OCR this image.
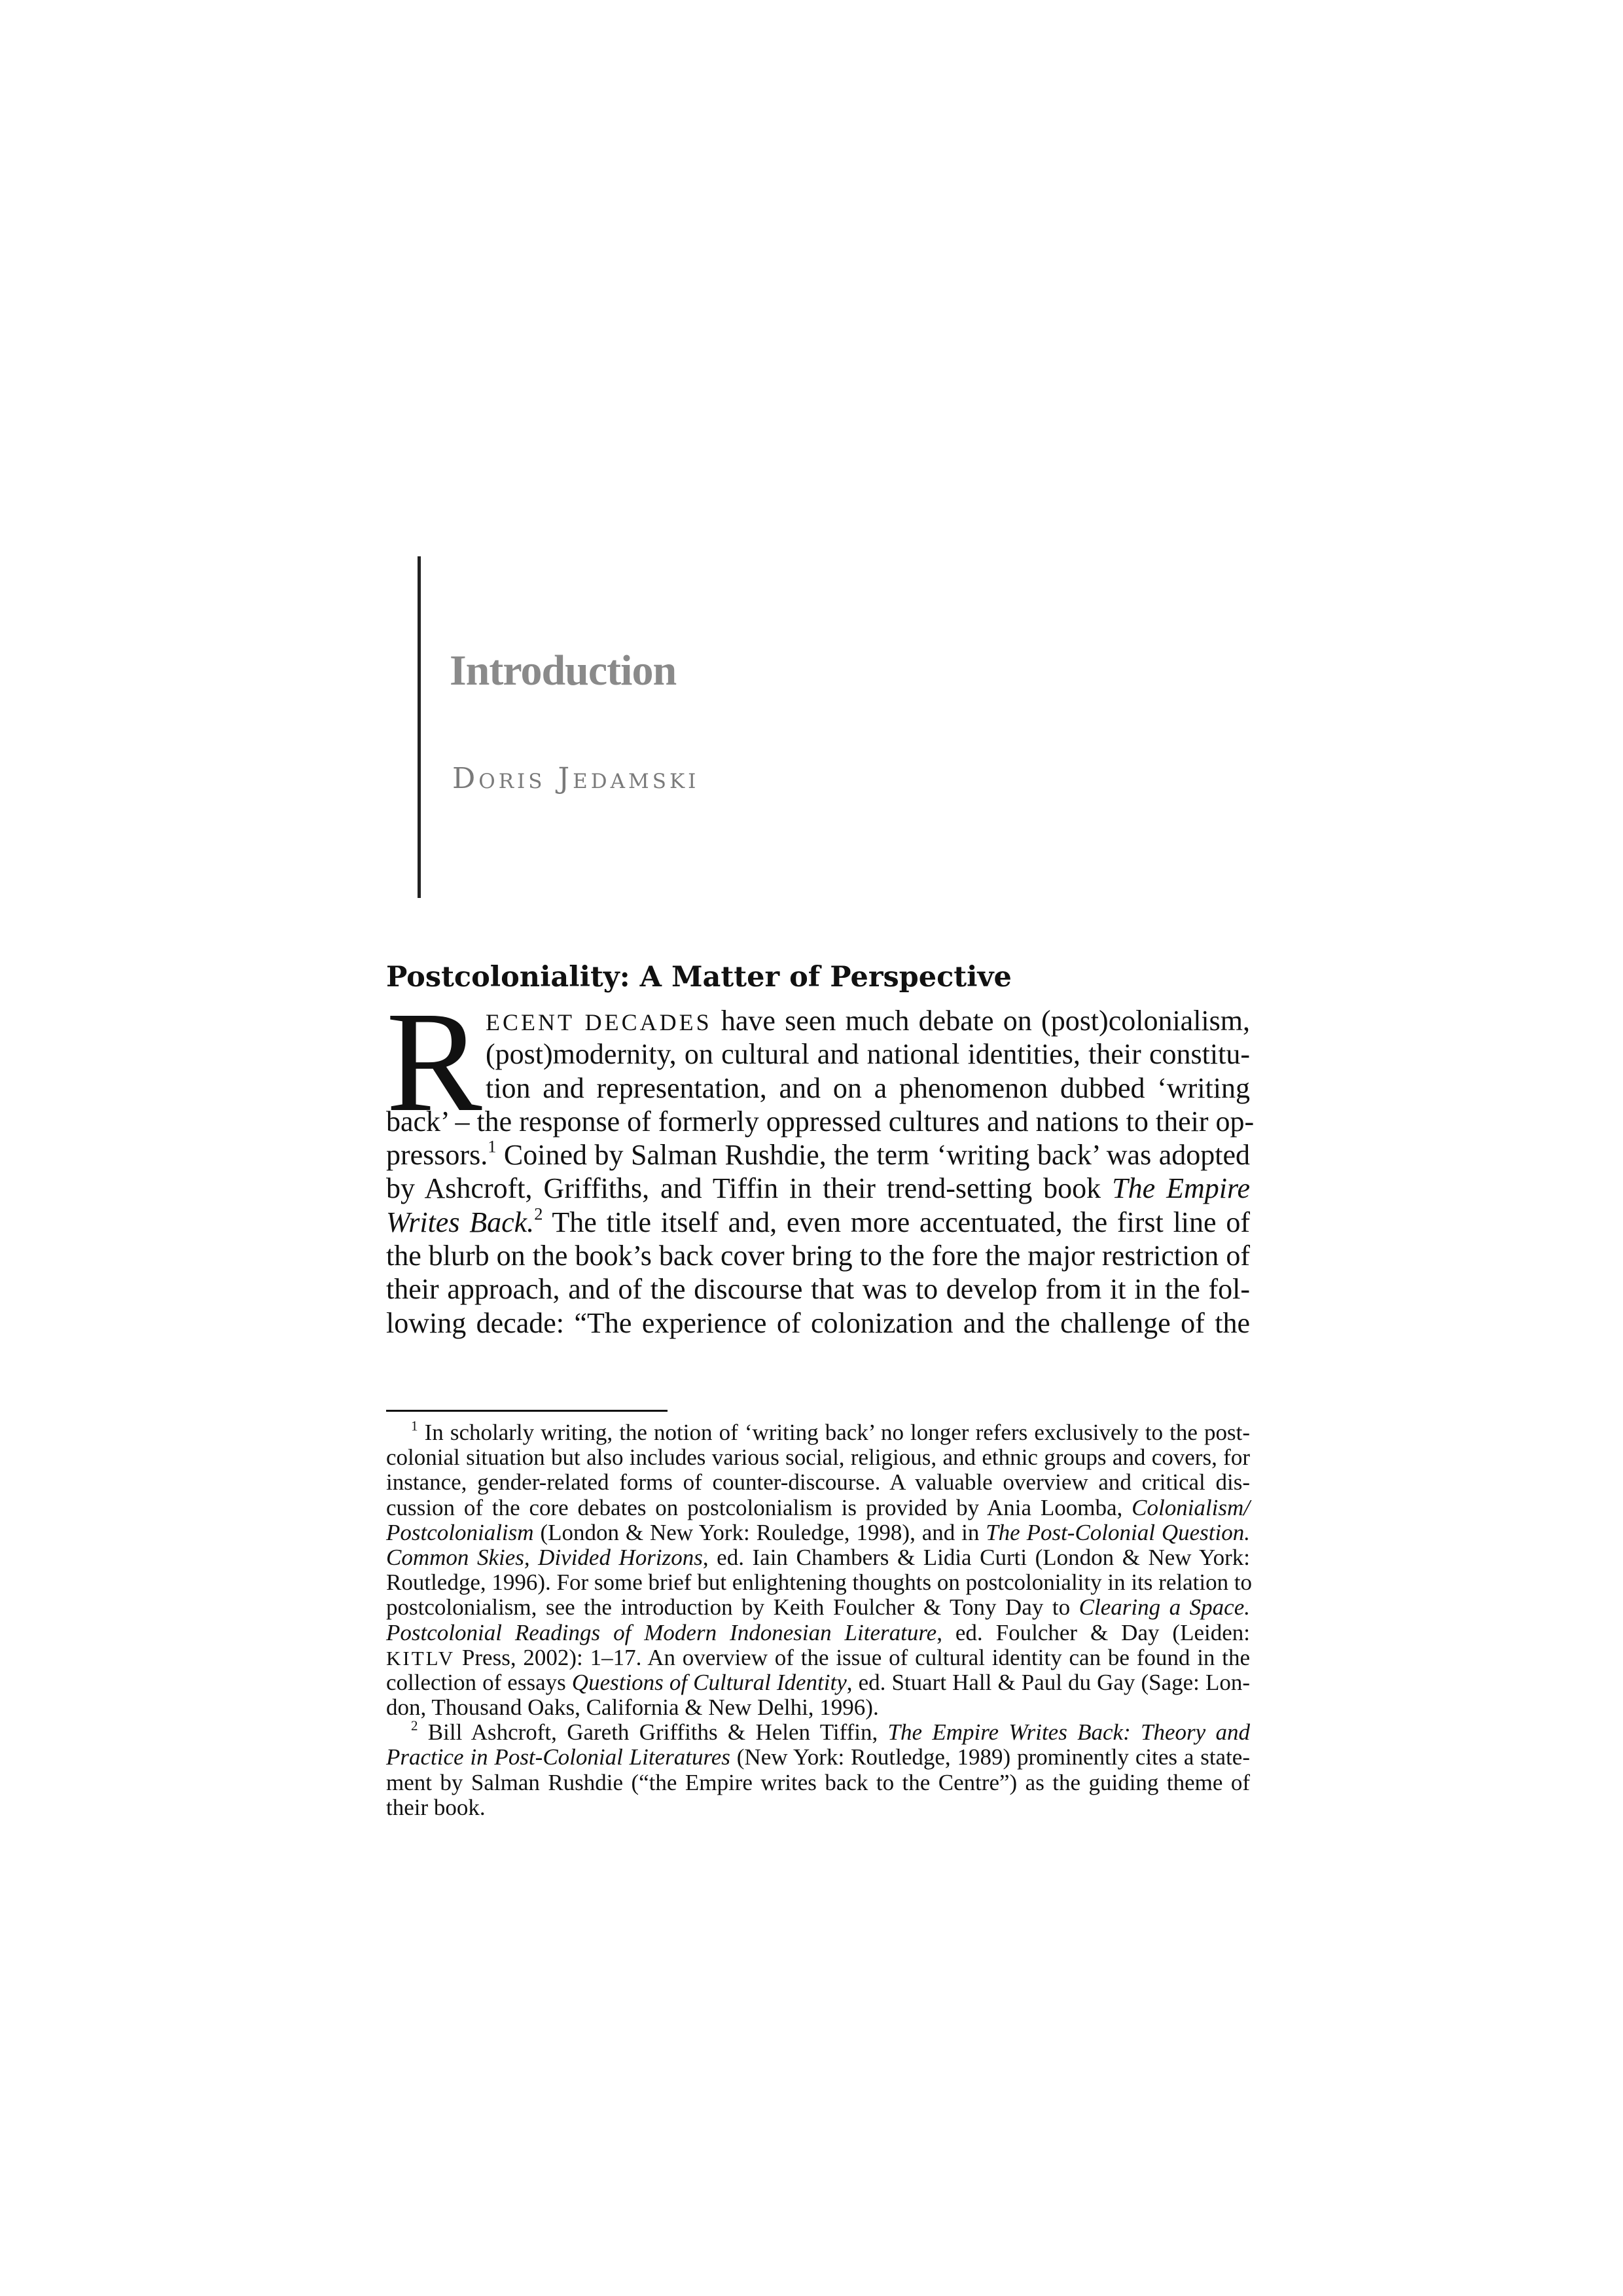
Introduction

Doris Jedamski

Postcoloniality: A Matter of Perspective
R ECENT DECADES have seen much debate on (post)colonialism,
(post)modernity, on cultural and national identities, their constitu-
tion and representation, and on a phenomenon dubbed ‘writing
back’ – the response of formerly oppressed cultures and nations to their op-
pressors.$^1$ Coined by Salman Rushdie, the term ‘writing back’ was adopted
by Ashcroft, Griffiths, and Tiffin in their trend-setting book The Empire
Writes Back.$^2$ The title itself and, even more accentuated, the first line of
the blurb on the book’s back cover bring to the fore the major restriction of
their approach, and of the discourse that was to develop from it in the fol-
lowing decade: “The experience of colonization and the challenge of the
$^1$ In scholarly writing, the notion of ‘writing back’ no longer refers exclusively to the post-
colonial situation but also includes various social, religious, and ethnic groups and covers, for
instance, gender-related forms of counter-discourse. A valuable overview and critical dis-
cussion of the core debates on postcolonialism is provided by Ania Loomba, Colonialism/
Postcolonialism (London & New York: Rouledge, 1998), and in The Post-Colonial Question.
Common Skies, Divided Horizons, ed. Iain Chambers & Lidia Curti (London & New York:
Routledge, 1996). For some brief but enlightening thoughts on postcoloniality in its relation to
postcolonialism, see the introduction by Keith Foulcher & Tony Day to Clearing a Space.
Postcolonial Readings of Modern Indonesian Literature, ed. Foulcher & Day (Leiden:
KITLV Press, 2002): 1–17. An overview of the issue of cultural identity can be found in the
collection of essays Questions of Cultural Identity, ed. Stuart Hall & Paul du Gay (Sage: Lon-
don, Thousand Oaks, California & New Delhi, 1996).
$^2$ Bill Ashcroft, Gareth Griffiths & Helen Tiffin, The Empire Writes Back: Theory and
Practice in Post-Colonial Literatures (New York: Routledge, 1989) prominently cites a state-
ment by Salman Rushdie (“the Empire writes back to the Centre”) as the guiding theme of
their book.
